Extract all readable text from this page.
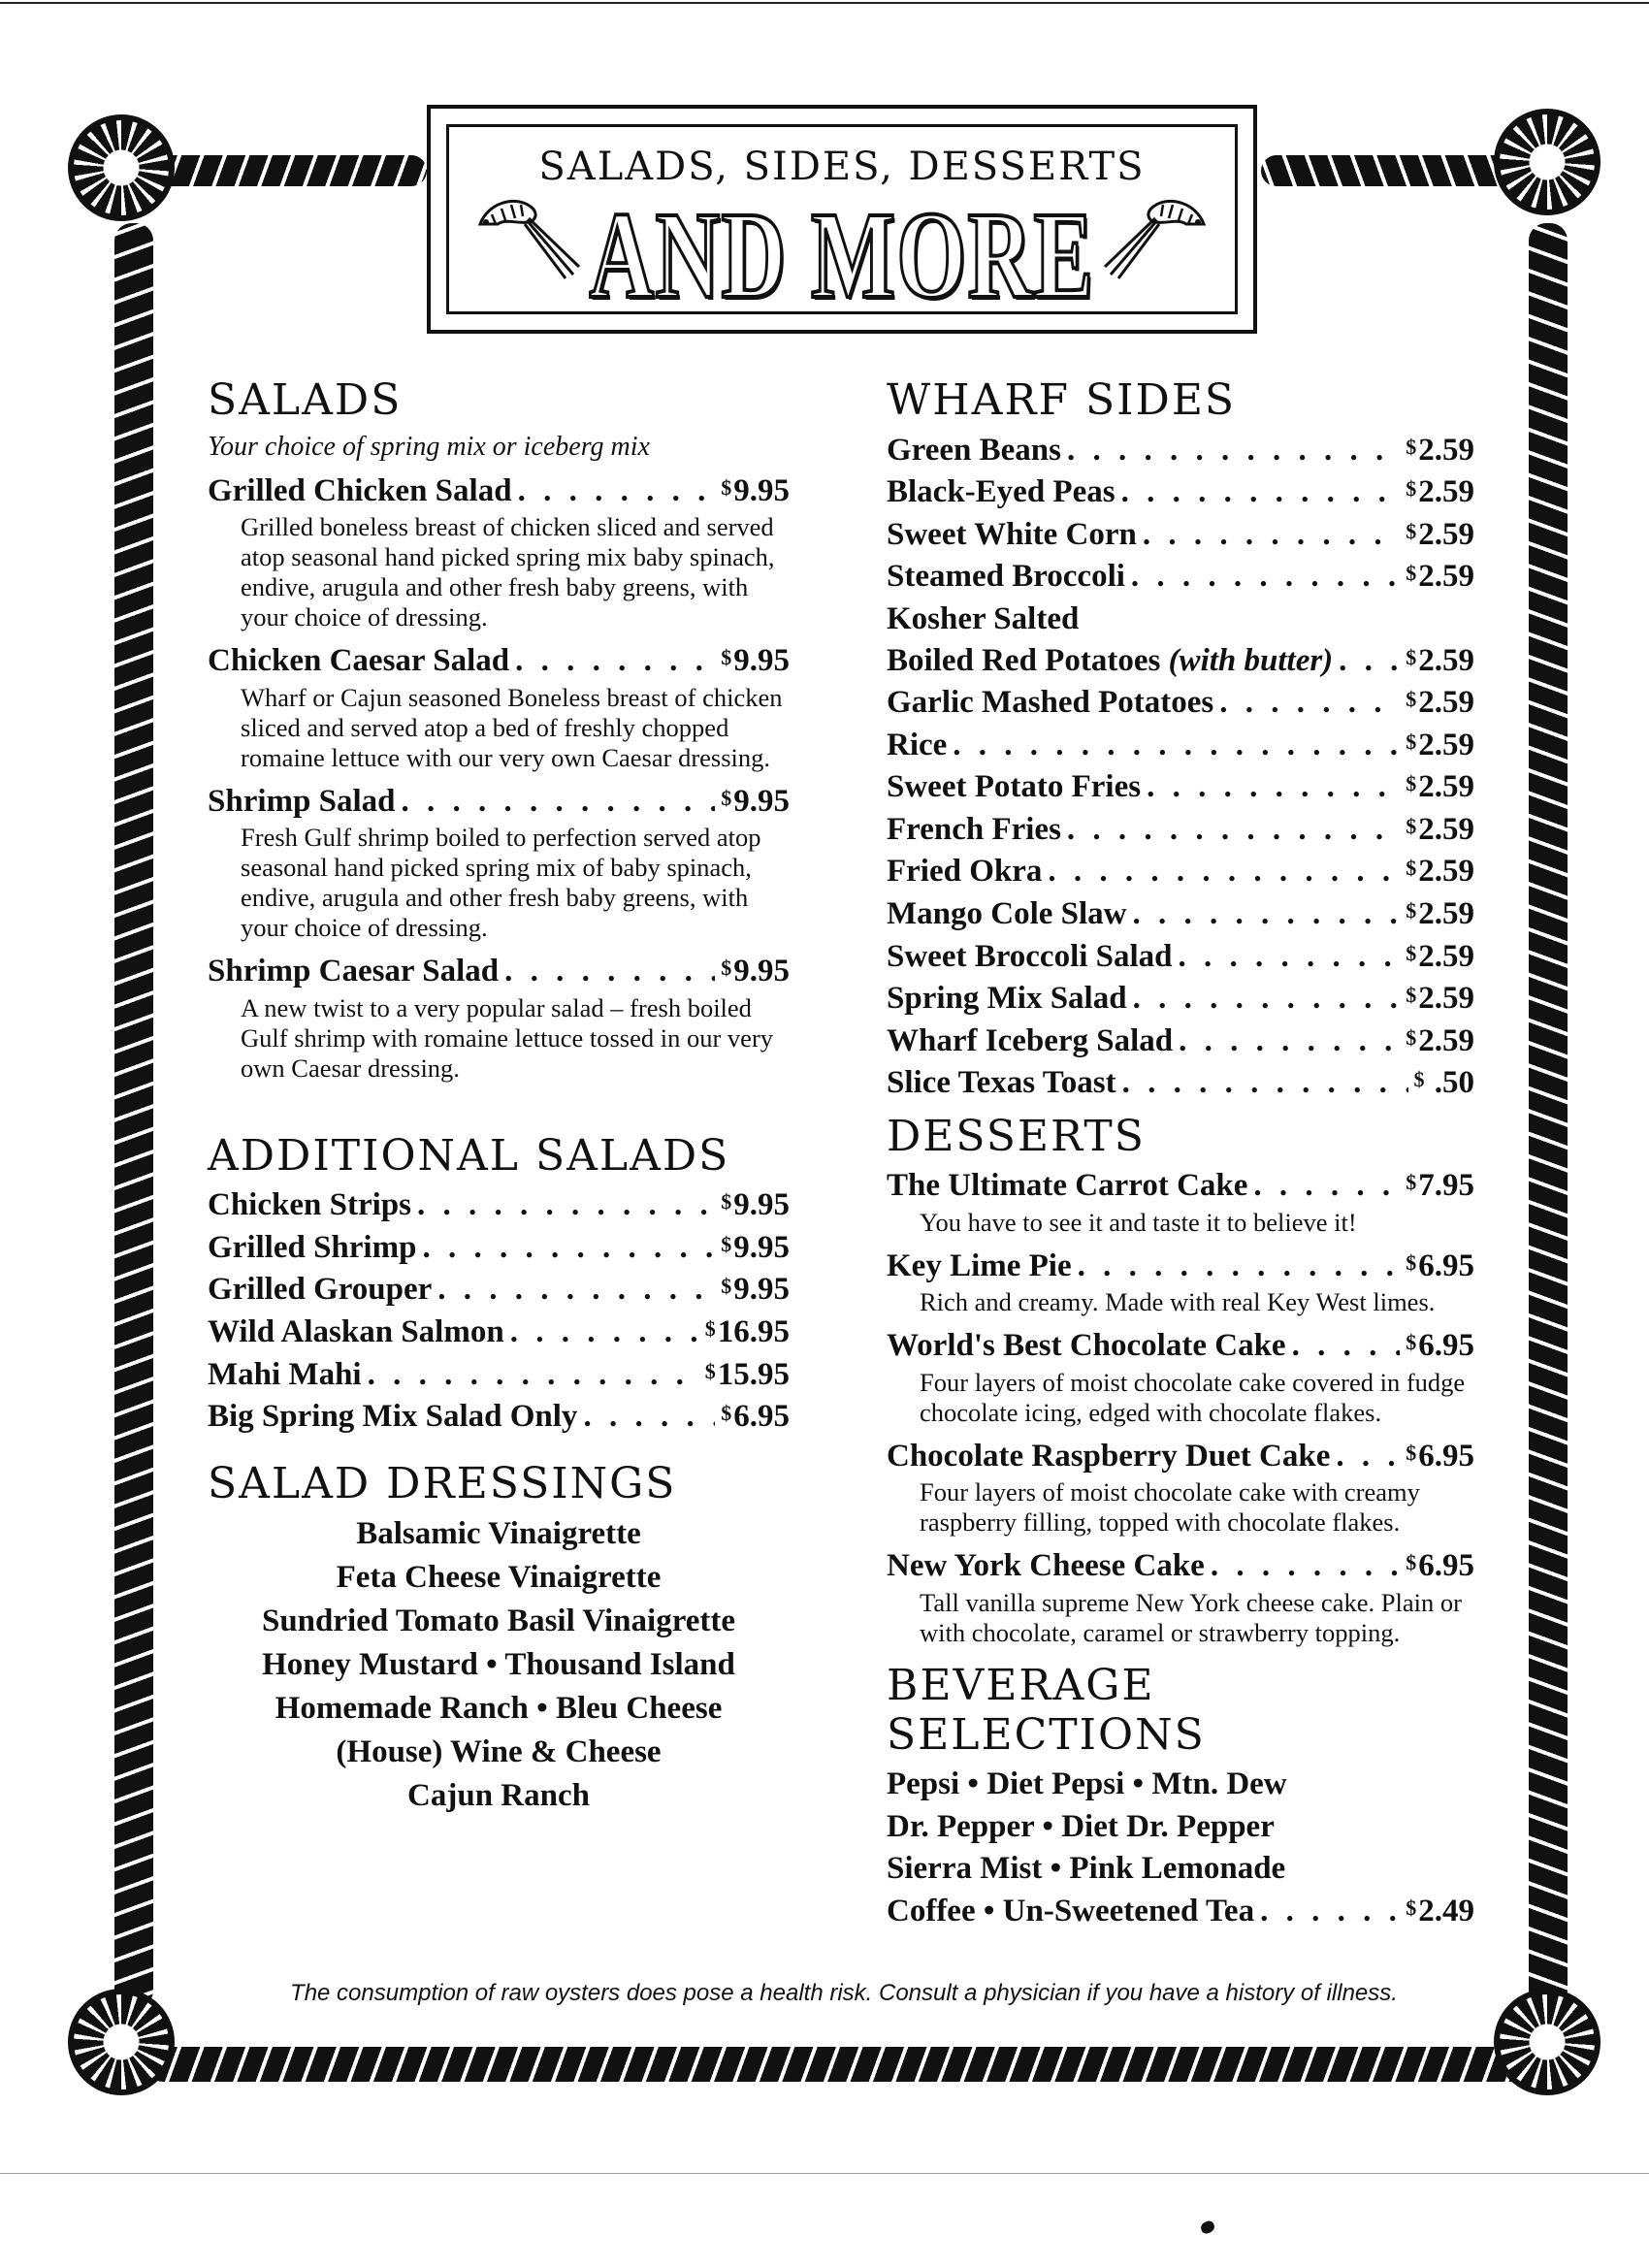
SALADS, SIDES, DESSERTS
AND MORE
SALADS
Your choice of spring mix or iceberg mix
Grilled Chicken Salad . . .	$9.95
Grilled boneless breast of chicken sliced and served atop seasonal hand picked spring mix baby spinach, endive, arugula and other fresh baby greens, with your choice of dressing.
Chicken Caesar Salad . . .	$9.95
Wharf or Cajun seasoned Boneless breast of chicken sliced and served atop a bed of freshly chopped romaine lettuce with our very own Caesar dressing.
Shrimp Salad . . .	$9.95
Fresh Gulf shrimp boiled to perfection served atop seasonal hand picked spring mix of baby spinach, endive, arugula and other fresh baby greens, with your choice of dressing.
Shrimp Caesar Salad . . .	$9.95
A new twist to a very popular salad – fresh boiled Gulf shrimp with romaine lettuce tossed in our very own Caesar dressing.
ADDITIONAL SALADS
Chicken Strips . . .	$9.95
Grilled Shrimp . . .	$9.95
Grilled Grouper . . .	$9.95
Wild Alaskan Salmon . . .	$16.95
Mahi Mahi . . .	$15.95
Big Spring Mix Salad Only . . .	$6.95
SALAD DRESSINGS
Balsamic Vinaigrette
Feta Cheese Vinaigrette
Sundried Tomato Basil Vinaigrette
Honey Mustard • Thousand Island
Homemade Ranch • Bleu Cheese
(House) Wine & Cheese
Cajun Ranch
WHARF SIDES
Green Beans . . .	$2.59
Black-Eyed Peas . . .	$2.59
Sweet White Corn . . .	$2.59
Steamed Broccoli . . .	$2.59
Kosher Salted
Boiled Red Potatoes (with butter) . . .	$2.59
Garlic Mashed Potatoes . . .	$2.59
Rice . . .	$2.59
Sweet Potato Fries . . .	$2.59
French Fries . . .	$2.59
Fried Okra . . .	$2.59
Mango Cole Slaw . . .	$2.59
Sweet Broccoli Salad . . .	$2.59
Spring Mix Salad . . .	$2.59
Wharf Iceberg Salad . . .	$2.59
Slice Texas Toast . . .	$ .50
DESSERTS
The Ultimate Carrot Cake . . .	$7.95
You have to see it and taste it to believe it!
Key Lime Pie . . .	$6.95
Rich and creamy. Made with real Key West limes.
World's Best Chocolate Cake . . .	$6.95
Four layers of moist chocolate cake covered in fudge chocolate icing, edged with chocolate flakes.
Chocolate Raspberry Duet Cake . . .	$6.95
Four layers of moist chocolate cake with creamy raspberry filling, topped with chocolate flakes.
New York Cheese Cake . . .	$6.95
Tall vanilla supreme New York cheese cake. Plain or with chocolate, caramel or strawberry topping.
BEVERAGE SELECTIONS
Pepsi • Diet Pepsi • Mtn. Dew
Dr. Pepper • Diet Dr. Pepper
Sierra Mist • Pink Lemonade
Coffee • Un-Sweetened Tea . . .	$2.49
The consumption of raw oysters does pose a health risk. Consult a physician if you have a history of illness.
